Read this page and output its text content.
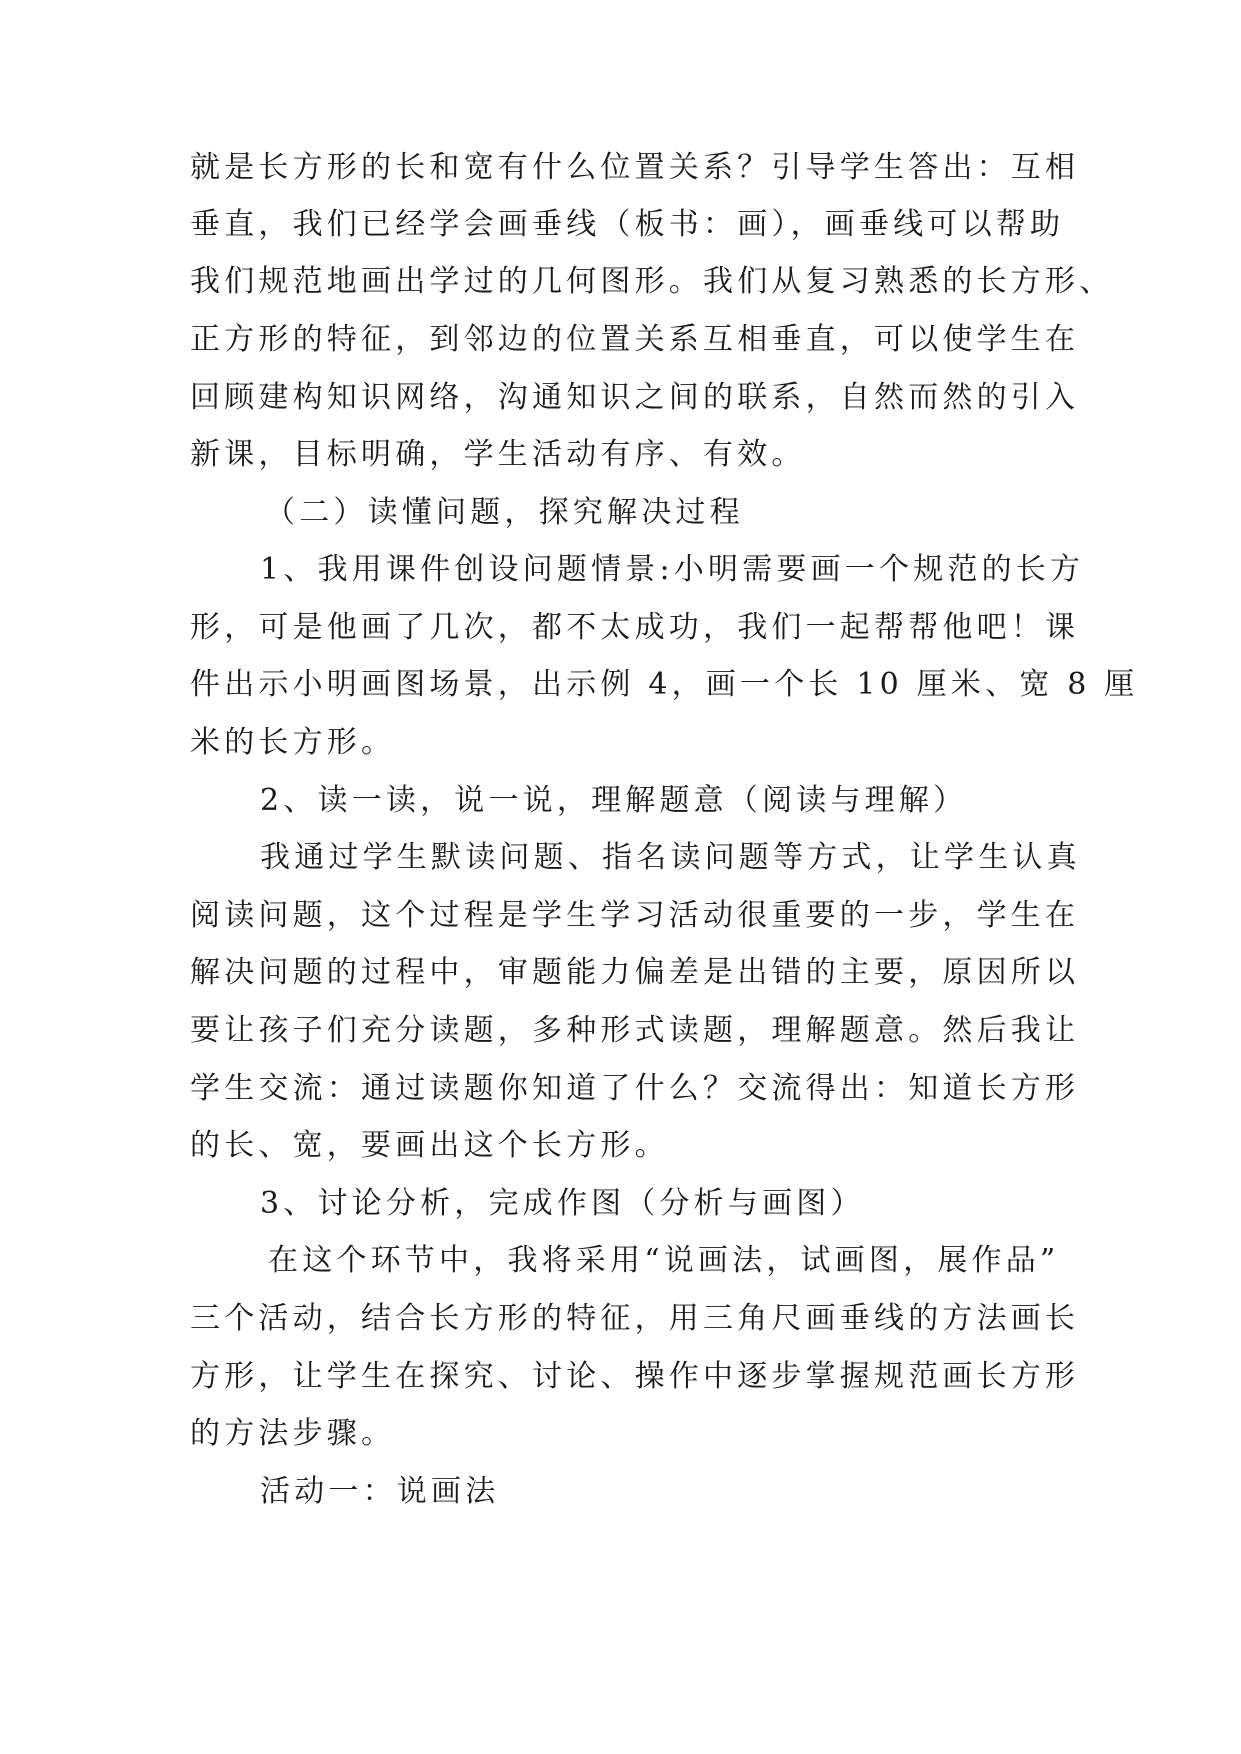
就是长方形的长和宽有什么位置关系？引导学生答出：互相
垂直，我们已经学会画垂线（板书：画），画垂线可以帮助
我们规范地画出学过的几何图形。我们从复习熟悉的长方形、
正方形的特征，到邻边的位置关系互相垂直，可以使学生在
回顾建构知识网络，沟通知识之间的联系，自然而然的引入
新课，目标明确，学生活动有序、有效。
（二）读懂问题，探究解决过程
1、我用课件创设问题情景:小明需要画一个规范的长方
形，可是他画了几次，都不太成功，我们一起帮帮他吧！课
件出示小明画图场景，出示例 4，画一个长 10 厘米、宽 8 厘
米的长方形。
2、读一读，说一说，理解题意（阅读与理解）
我通过学生默读问题、指名读问题等方式，让学生认真
阅读问题，这个过程是学生学习活动很重要的一步，学生在
解决问题的过程中，审题能力偏差是出错的主要，原因所以
要让孩子们充分读题，多种形式读题，理解题意。然后我让
学生交流：通过读题你知道了什么？交流得出：知道长方形
的长、宽，要画出这个长方形。
3、讨论分析，完成作图（分析与画图）
在这个环节中，我将采用“说画法，试画图，展作品”
三个活动，结合长方形的特征，用三角尺画垂线的方法画长
方形，让学生在探究、讨论、操作中逐步掌握规范画长方形
的方法步骤。
活动一：说画法
